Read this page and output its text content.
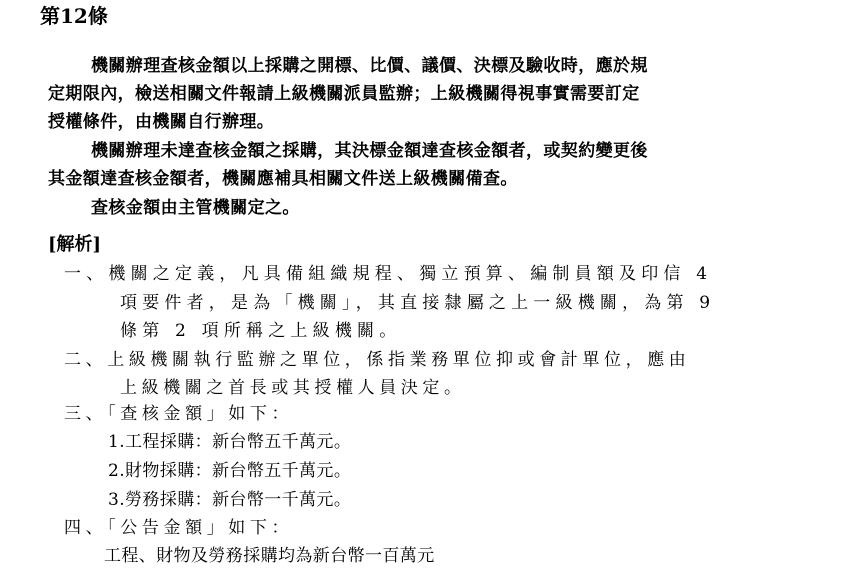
第12條
機關辦理查核金額以上採購之開標、比價、議價、決標及驗收時，應於規
定期限內，檢送相關文件報請上級機關派員監辦；上級機關得視事實需要訂定
授權條件，由機關自行辦理。
機關辦理未達查核金額之採購，其決標金額達查核金額者，或契約變更後
其金額達查核金額者，機關應補具相關文件送上級機關備查。
查核金額由主管機關定之。
[解析]
一、機關之定義，凡具備組織規程、獨立預算、編制員額及印信 4
項要件者，是為「機關」，其直接隸屬之上一級機關，為第 9
條第 2 項所稱之上級機關。
二、上級機關執行監辦之單位，係指業務單位抑或會計單位，應由
上級機關之首長或其授權人員決定。
三、「查核金額」如下：
1.工程採購：新台幣五千萬元。
2.財物採購：新台幣五千萬元。
3.勞務採購：新台幣一千萬元。
四、「公告金額」如下：
工程、財物及勞務採購均為新台幣一百萬元
